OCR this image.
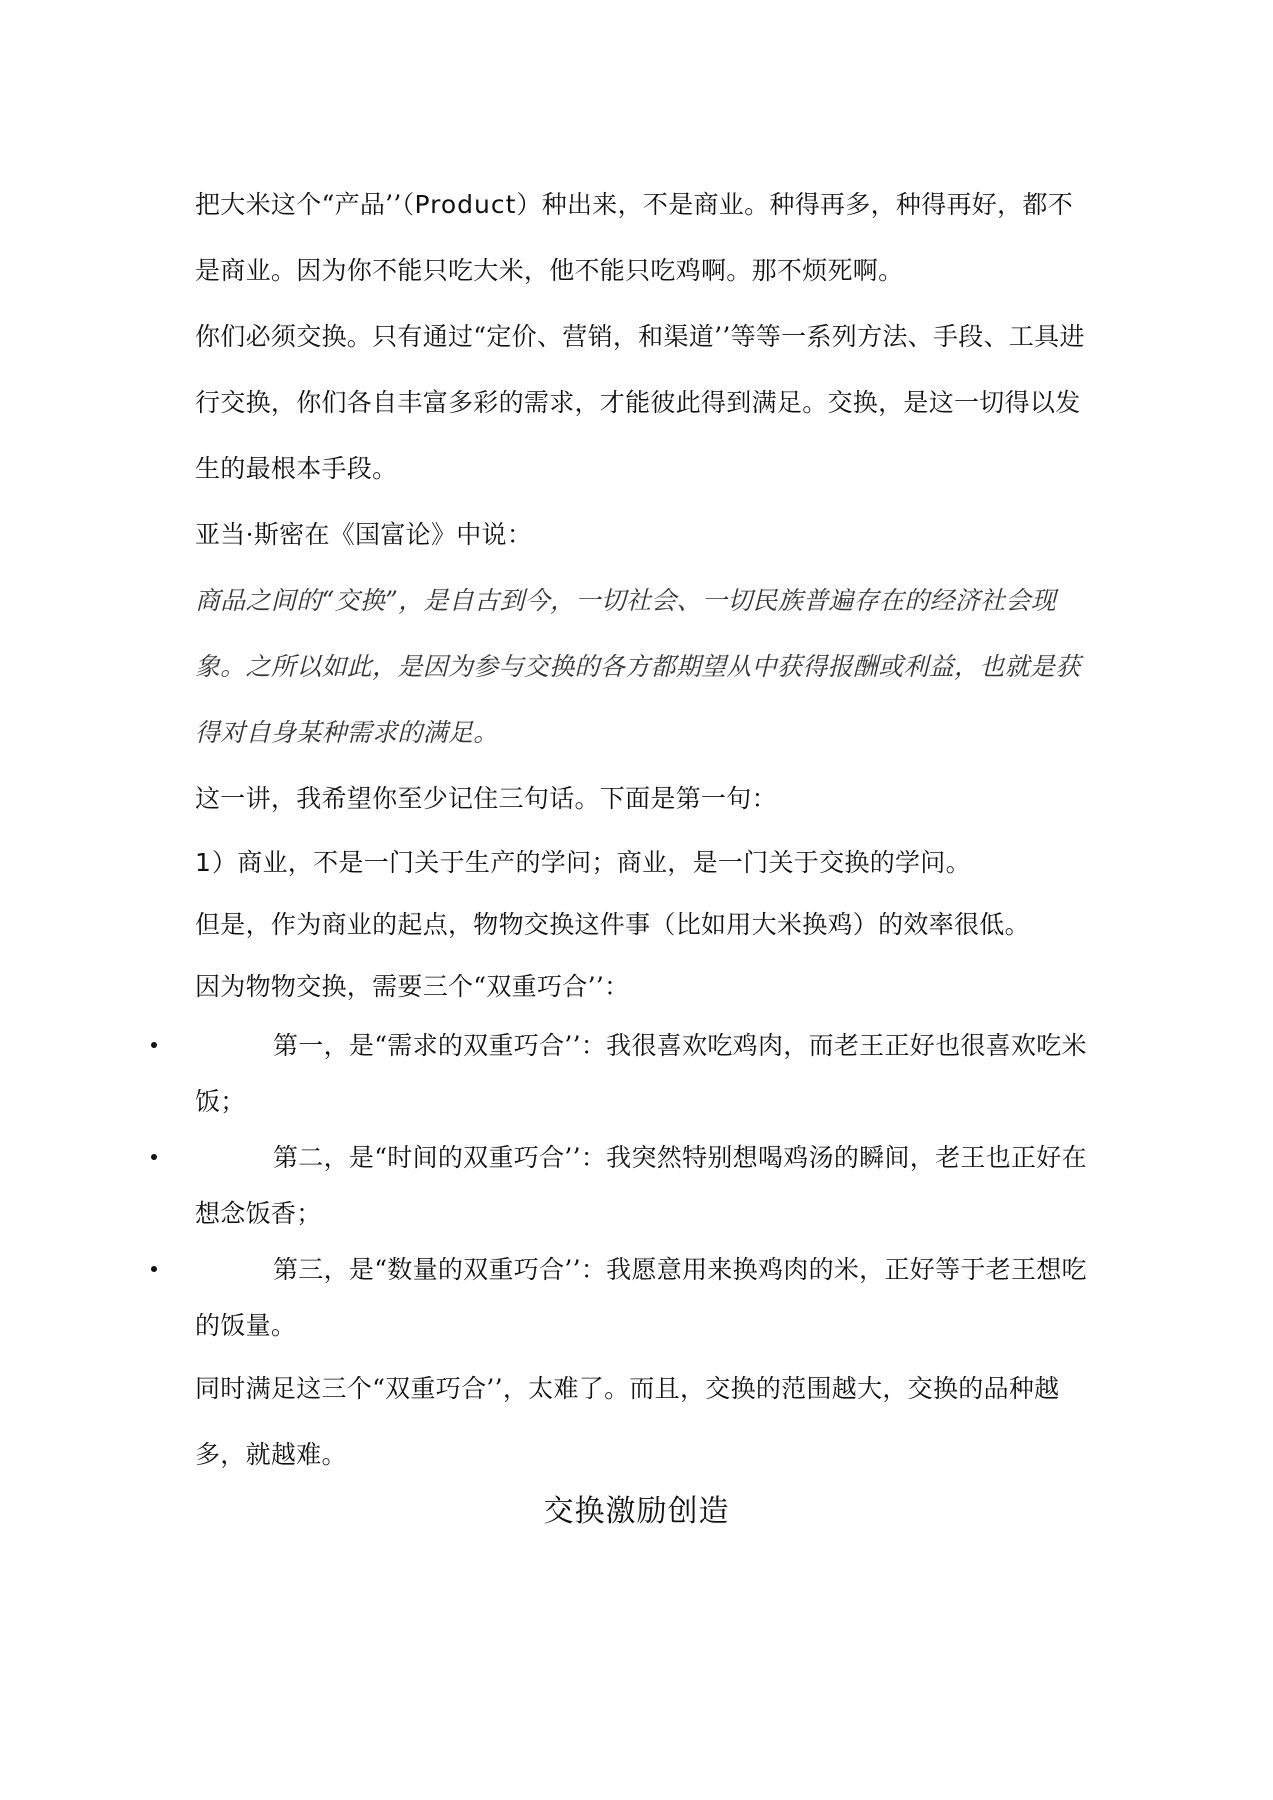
把大米这个“产品’’（Product）种出来，不是商业。种得再多，种得再好，都不是商业。因为你不能只吃大米，他不能只吃鸡啊。那不烦死啊。

你们必须交换。只有通过“定价、营销，和渠道’’等等一系列方法、手段、工具进行交换，你们各自丰富多彩的需求，才能彼此得到满足。交换，是这一切得以发生的最根本手段。

亚当·斯密在《国富论》中说：

商品之间的“交换”，是自古到今，一切社会、一切民族普遍存在的经济社会现象。之所以如此，是因为参与交换的各方都期望从中获得报酬或利益，也就是获得对自身某种需求的满足。

这一讲，我希望你至少记住三句话。下面是第一句：

1）商业，不是一门关于生产的学问；商业，是一门关于交换的学问。

但是，作为商业的起点，物物交换这件事（比如用大米换鸡）的效率很低。

因为物物交换，需要三个“双重巧合’’：

第一，是“需求的双重巧合’’：我很喜欢吃鸡肉，而老王正好也很喜欢吃米饭；
第二，是“时间的双重巧合’’：我突然特别想喝鸡汤的瞬间，老王也正好在想念饭香；
第三，是“数量的双重巧合’’：我愿意用来换鸡肉的米，正好等于老王想吃的饭量。

同时满足这三个“双重巧合’’，太难了。而且，交换的范围越大，交换的品种越多，就越难。

交换激励创造
